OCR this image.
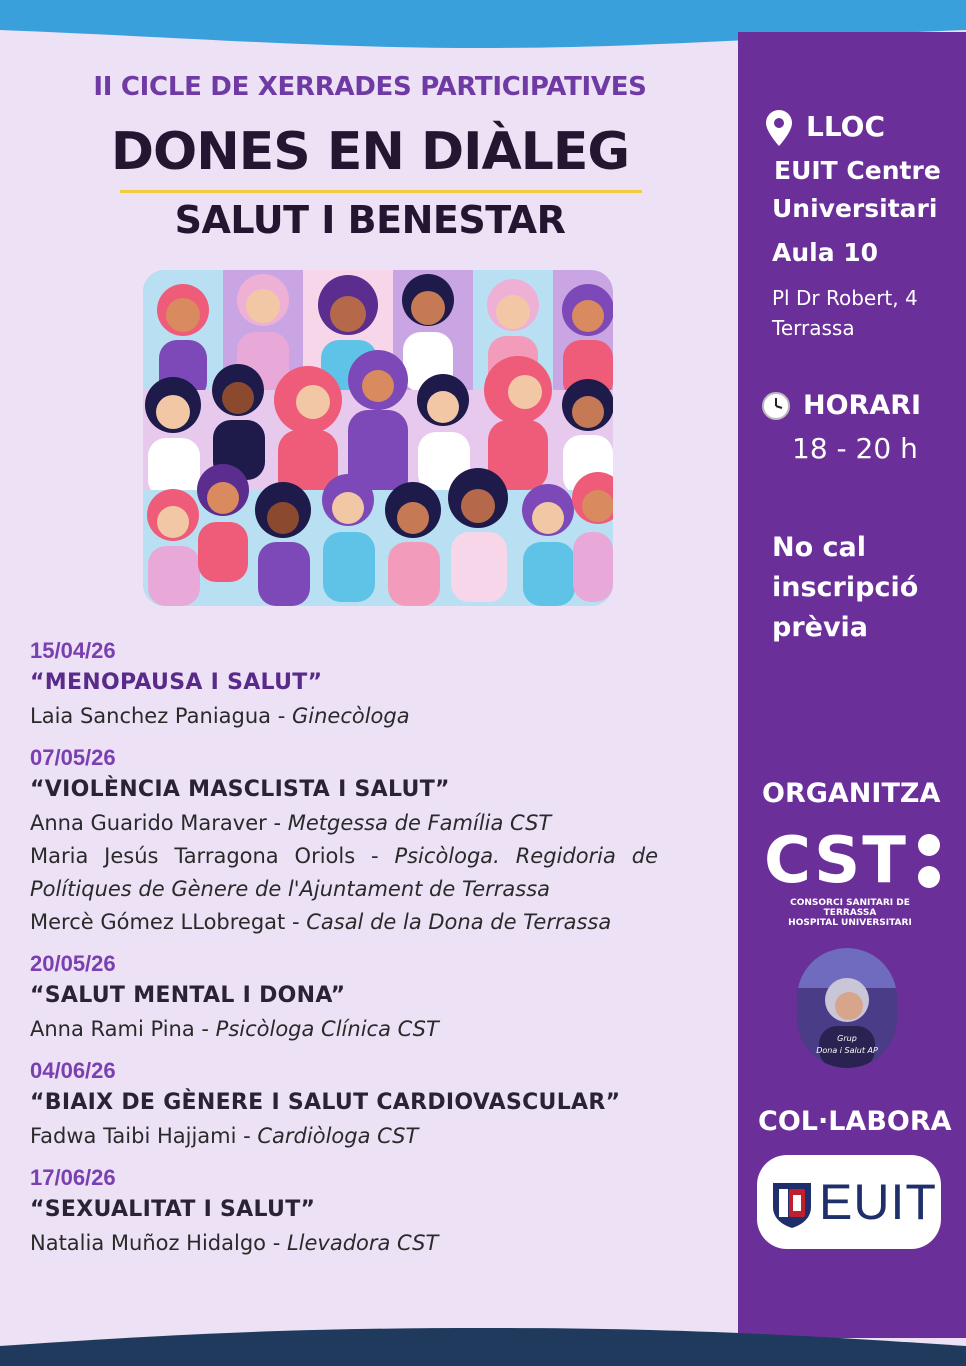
II CICLE DE XERRADES PARTICIPATIVES
DONES EN DIÀLEG
SALUT I BENESTAR
15/04/26
“MENOPAUSA I SALUT”
Laia Sanchez Paniagua - Ginecòloga
07/05/26
“VIOLÈNCIA MASCLISTA I SALUT”
Anna Guarido Maraver - Metgessa de Família CST
Maria Jesús Tarragona Oriols - Psicòloga. Regidoria de Polítiques de Gènere de l'Ajuntament de Terrassa
Mercè Gómez LLobregat - Casal de la Dona de Terrassa
20/05/26
“SALUT MENTAL I DONA”
Anna Rami Pina - Psicòloga Clínica CST
04/06/26
“BIAIX DE GÈNERE I SALUT CARDIOVASCULAR”
Fadwa Taibi Hajjami - Cardiòloga CST
17/06/26
“SEXUALITAT I SALUT”
Natalia Muñoz Hidalgo - Llevadora CST
LLOC
EUIT Centre
Universitari
Aula 10
Pl Dr Robert, 4
Terrassa
HORARI
18 - 20 h
No cal
inscripció
prèvia
ORGANITZA
CST
CONSORCI SANITARI DE TERRASSA
HOSPITAL UNIVERSITARI
Grup
Dona i Salut AP
COL·LABORA
EUIT
